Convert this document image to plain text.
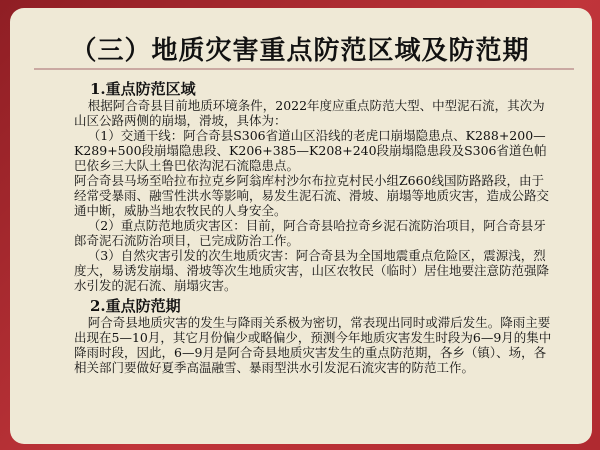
（三）地质灾害重点防范区域及防范期
1.重点防范区域

根据阿合奇县目前地质环境条件，2022年度应重点防范大型、中型泥石流，其次为山区公路两侧的崩塌，滑坡，具体为：

（1）交通干线：阿合奇县S306省道山区沿线的老虎口崩塌隐患点、K288+200—K289+500段崩塌隐患段、K206+385—K208+240段崩塌隐患段及S306省道色帕巴依乡三大队土鲁巴依沟泥石流隐患点。

阿合奇县马场至哈拉布拉克乡阿翁库村沙尔布拉克村民小组Z660线国防路路段，由于经常受暴雨、融雪性洪水等影响，易发生泥石流、滑坡、崩塌等地质灾害，造成公路交通中断，威胁当地农牧民的人身安全。

（2）重点防范地质灾害区：目前，阿合奇县哈拉奇乡泥石流防治项目，阿合奇县牙郎奇泥石流防治项目，已完成防治工作。

（3）自然灾害引发的次生地质灾害：阿合奇县为全国地震重点危险区，震源浅，烈度大，易诱发崩塌、滑坡等次生地质灾害，山区农牧民（临时）居住地要注意防范强降水引发的泥石流、崩塌灾害。

2.重点防范期

阿合奇县地质灾害的发生与降雨关系极为密切，常表现出同时或滞后发生。降雨主要出现在5—10月，其它月份偏少或略偏少，预测今年地质灾害发生时段为6—9月的集中降雨时段，因此，6—9月是阿合奇县地质灾害发生的重点防范期，各乡（镇）、场，各相关部门要做好夏季高温融雪、暴雨型洪水引发泥石流灾害的防范工作。
